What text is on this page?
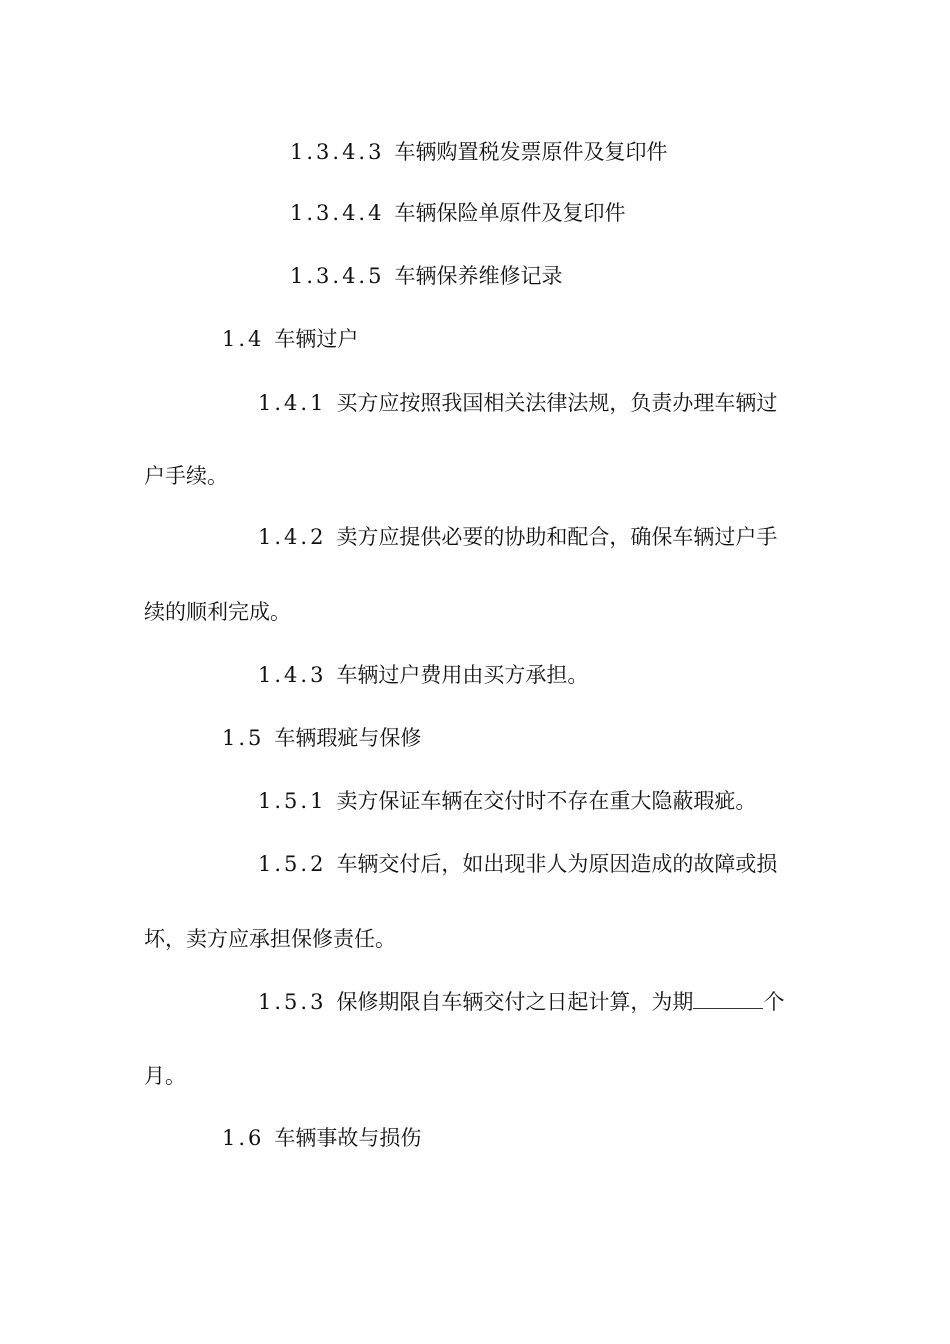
1.3.4.3 车辆购置税发票原件及复印件
1.3.4.4 车辆保险单原件及复印件
1.3.4.5 车辆保养维修记录
1.4 车辆过户
1.4.1 买方应按照我国相关法律法规，负责办理车辆过
户手续。
1.4.2 卖方应提供必要的协助和配合，确保车辆过户手
续的顺利完成。
1.4.3 车辆过户费用由买方承担。
1.5 车辆瑕疵与保修
1.5.1 卖方保证车辆在交付时不存在重大隐蔽瑕疵。
1.5.2 车辆交付后，如出现非人为原因造成的故障或损
坏，卖方应承担保修责任。
1.5.3 保修期限自车辆交付之日起计算，为期	个
月。
1.6 车辆事故与损伤
